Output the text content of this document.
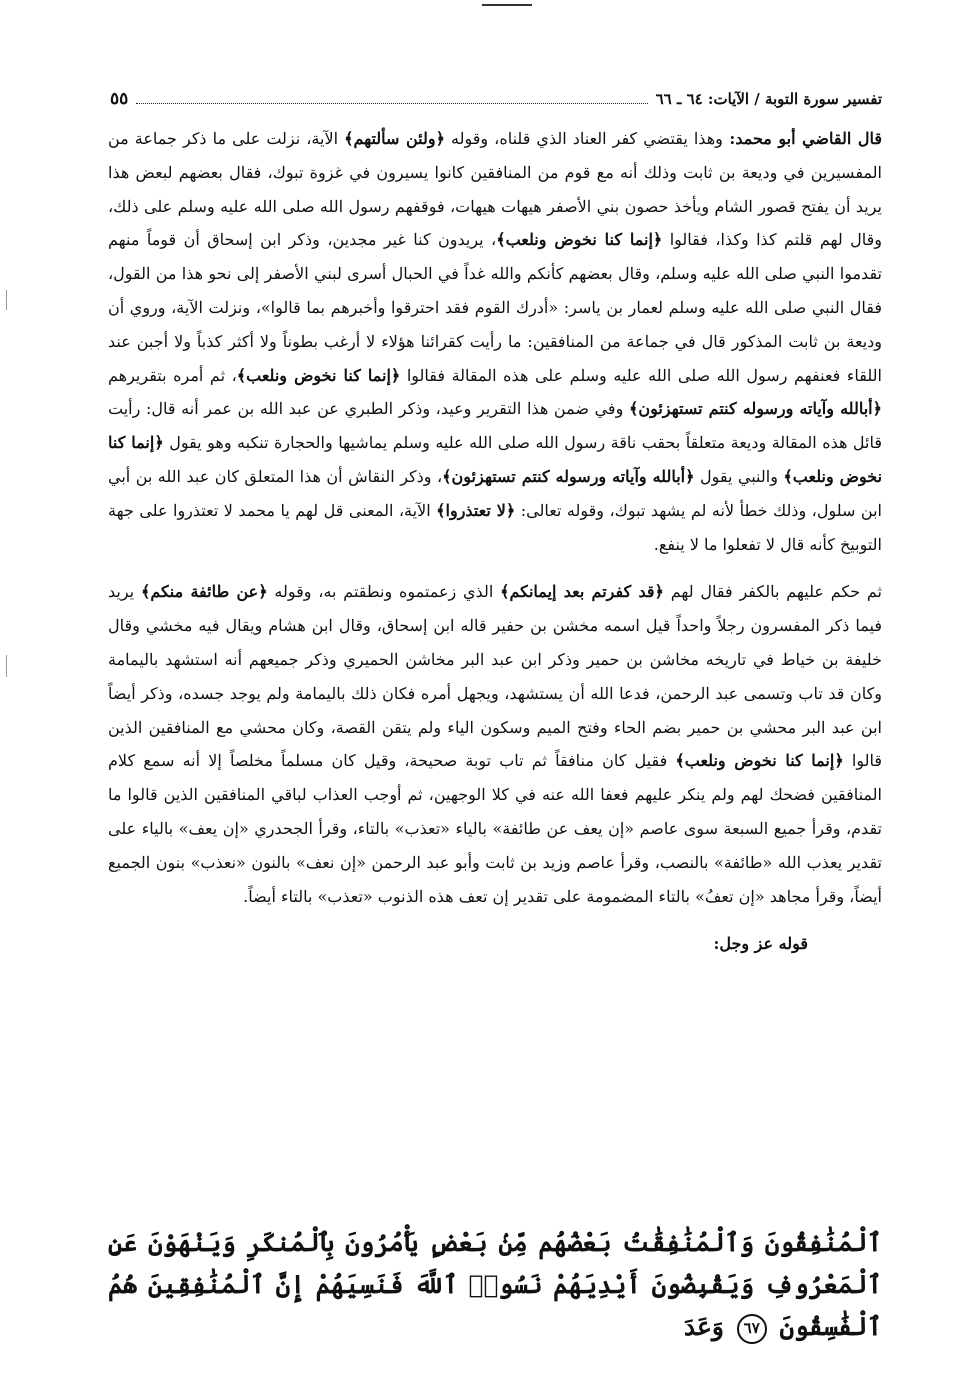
تفسير سورة التوبة / الآيات: ٦٤ ـ ٦٦
٥٥

قال القاضي أبو محمد: وهذا يقتضي كفر العناد الذي قلناه، وقوله ﴿ولئن سألتهم﴾ الآية، نزلت على ما ذكر جماعة من المفسيرين في وديعة بن ثابت وذلك أنه مع قوم من المنافقين كانوا يسيرون في غزوة تبوك، فقال بعضهم لبعض هذا يريد أن يفتح قصور الشام ويأخذ حصون بني الأصفر هيهات هيهات، فوقفهم رسول الله صلى الله عليه وسلم على ذلك، وقال لهم قلتم كذا وكذا، فقالوا ﴿إنما كنا نخوض ونلعب﴾، يريدون كنا غير مجدين، وذكر ابن إسحاق أن قوماً منهم تقدموا النبي صلى الله عليه وسلم، وقال بعضهم كأنكم والله غداً في الحبال أسرى لبني الأصفر إلى نحو هذا من القول، فقال النبي صلى الله عليه وسلم لعمار بن ياسر: «أدرك القوم فقد احترقوا وأخبرهم بما قالوا»، ونزلت الآية، وروي أن وديعة بن ثابت المذكور قال في جماعة من المنافقين: ما رأيت كقرائنا هؤلاء لا أرغب بطوناً ولا أكثر كذباً ولا أجبن عند اللقاء فعنفهم رسول الله صلى الله عليه وسلم على هذه المقالة فقالوا ﴿إنما كنا نخوض ونلعب﴾، ثم أمره بتقريرهم ﴿أبالله وآياته ورسوله كنتم تستهزئون﴾ وفي ضمن هذا التقرير وعيد، وذكر الطبري عن عبد الله بن عمر أنه قال: رأيت قائل هذه المقالة وديعة متعلقاً بحقب ناقة رسول الله صلى الله عليه وسلم يماشيها والحجارة تنكبه وهو يقول ﴿إنما كنا نخوض ونلعب﴾ والنبي يقول ﴿أبالله وآياته ورسوله كنتم تستهزئون﴾، وذكر النقاش أن هذا المتعلق كان عبد الله بن أبي ابن سلول، وذلك خطأ لأنه لم يشهد تبوك، وقوله تعالى: ﴿لا تعتذروا﴾ الآية، المعنى قل لهم يا محمد لا تعتذروا على جهة التوبيخ كأنه قال لا تفعلوا ما لا ينفع.

ثم حكم عليهم بالكفر فقال لهم ﴿قد كفرتم بعد إيمانكم﴾ الذي زعمتموه ونطقتم به، وقوله ﴿عن طائفة منكم﴾ يريد فيما ذكر المفسرون رجلاً واحداً قيل اسمه مخشن بن حفير قاله ابن إسحاق، وقال ابن هشام ويقال فيه مخشي وقال خليفة بن خياط في تاريخه مخاشن بن حمير وذكر ابن عبد البر مخاشن الحميري وذكر جميعهم أنه استشهد باليمامة وكان قد تاب وتسمى عبد الرحمن، فدعا الله أن يستشهد، ويجهل أمره فكان ذلك باليمامة ولم يوجد جسده، وذكر أيضاً ابن عبد البر محشي بن حمير بضم الحاء وفتح الميم وسكون الياء ولم يتقن القصة، وكان محشي مع المنافقين الذين قالوا ﴿إنما كنا نخوض ونلعب﴾ فقيل كان منافقاً ثم تاب توبة صحيحة، وقيل كان مسلماً مخلصاً إلا أنه سمع كلام المنافقين فضحك لهم ولم ينكر عليهم فعفا الله عنه في كلا الوجهين، ثم أوجب العذاب لباقي المنافقين الذين قالوا ما تقدم، وقرأ جميع السبعة سوى عاصم «إن يعف عن طائفة» بالياء «تعذب» بالتاء، وقرأ الجحدري «إن يعف» بالياء على تقدير يعذب الله «طائفة» بالنصب، وقرأ عاصم وزيد بن ثابت وأبو عبد الرحمن «إن نعف» بالنون «نعذب» بنون الجميع أيضاً، وقرأ مجاهد «إن تعفُ» بالتاء المضمومة على تقدير إن تعف هذه الذنوب «تعذب» بالتاء أيضاً.

قوله عز وجل:

ٱلْمُنَٰفِقُونَ وَٱلْمُنَٰفِقَٰتُ بَعْضُهُم مِّنۢ بَعْضٍ يَأْمُرُونَ بِٱلْمُنكَرِ وَيَنْهَوْنَ عَنِ ٱلْمَعْرُوفِ وَيَقْبِضُونَ أَيْدِيَهُمْ نَسُوا۟ ٱللَّهَ فَنَسِيَهُمْ إِنَّ ٱلْمُنَٰفِقِينَ هُمُ ٱلْفَٰسِقُونَ ٦٧ وَعَدَ
